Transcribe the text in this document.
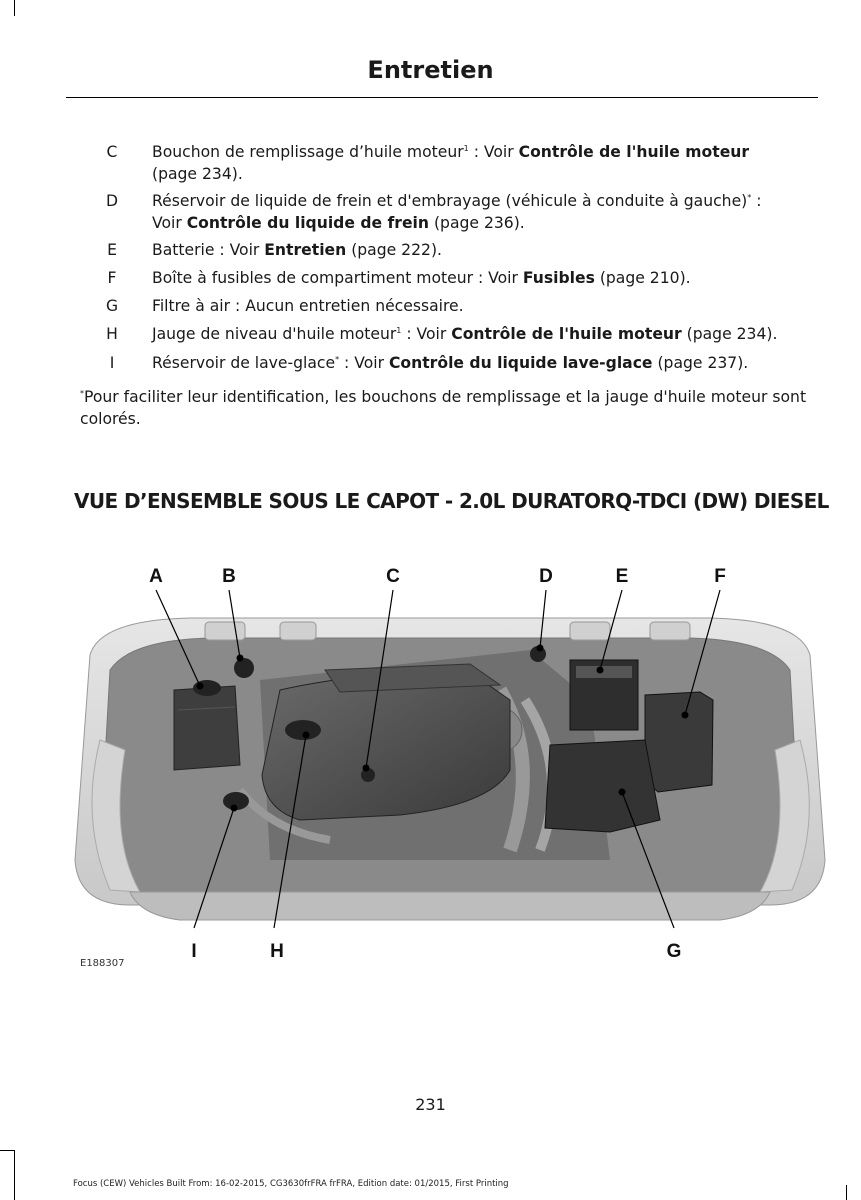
Entretien
C	Bouchon de remplissage d’huile moteur$^1$ : Voir Contrôle de l'huile moteur
(page 234).
D	Réservoir de liquide de frein et d'embrayage (véhicule à conduite à gauche)* :
Voir Contrôle du liquide de frein (page 236).
E	Batterie : Voir Entretien (page 222).
F	Boîte à fusibles de compartiment moteur : Voir Fusibles (page 210).
G	Filtre à air : Aucun entretien nécessaire.
H	Jauge de niveau d'huile moteur$^1$ : Voir Contrôle de l'huile moteur (page 234).
I	Réservoir de lave-glace* : Voir Contrôle du liquide lave-glace (page 237).
*Pour faciliter leur identification, les bouchons de remplissage et la jauge d'huile moteur sont colorés.
VUE D’ENSEMBLE SOUS LE CAPOT - 2.0L DURATORQ-TDCI (DW) DIESEL
A	B	C	D	E	F
G
H
I
E188307
231
Focus (CEW) Vehicles Built From: 16-02-2015, CG3630frFRA frFRA, Edition date: 01/2015, First Printing
